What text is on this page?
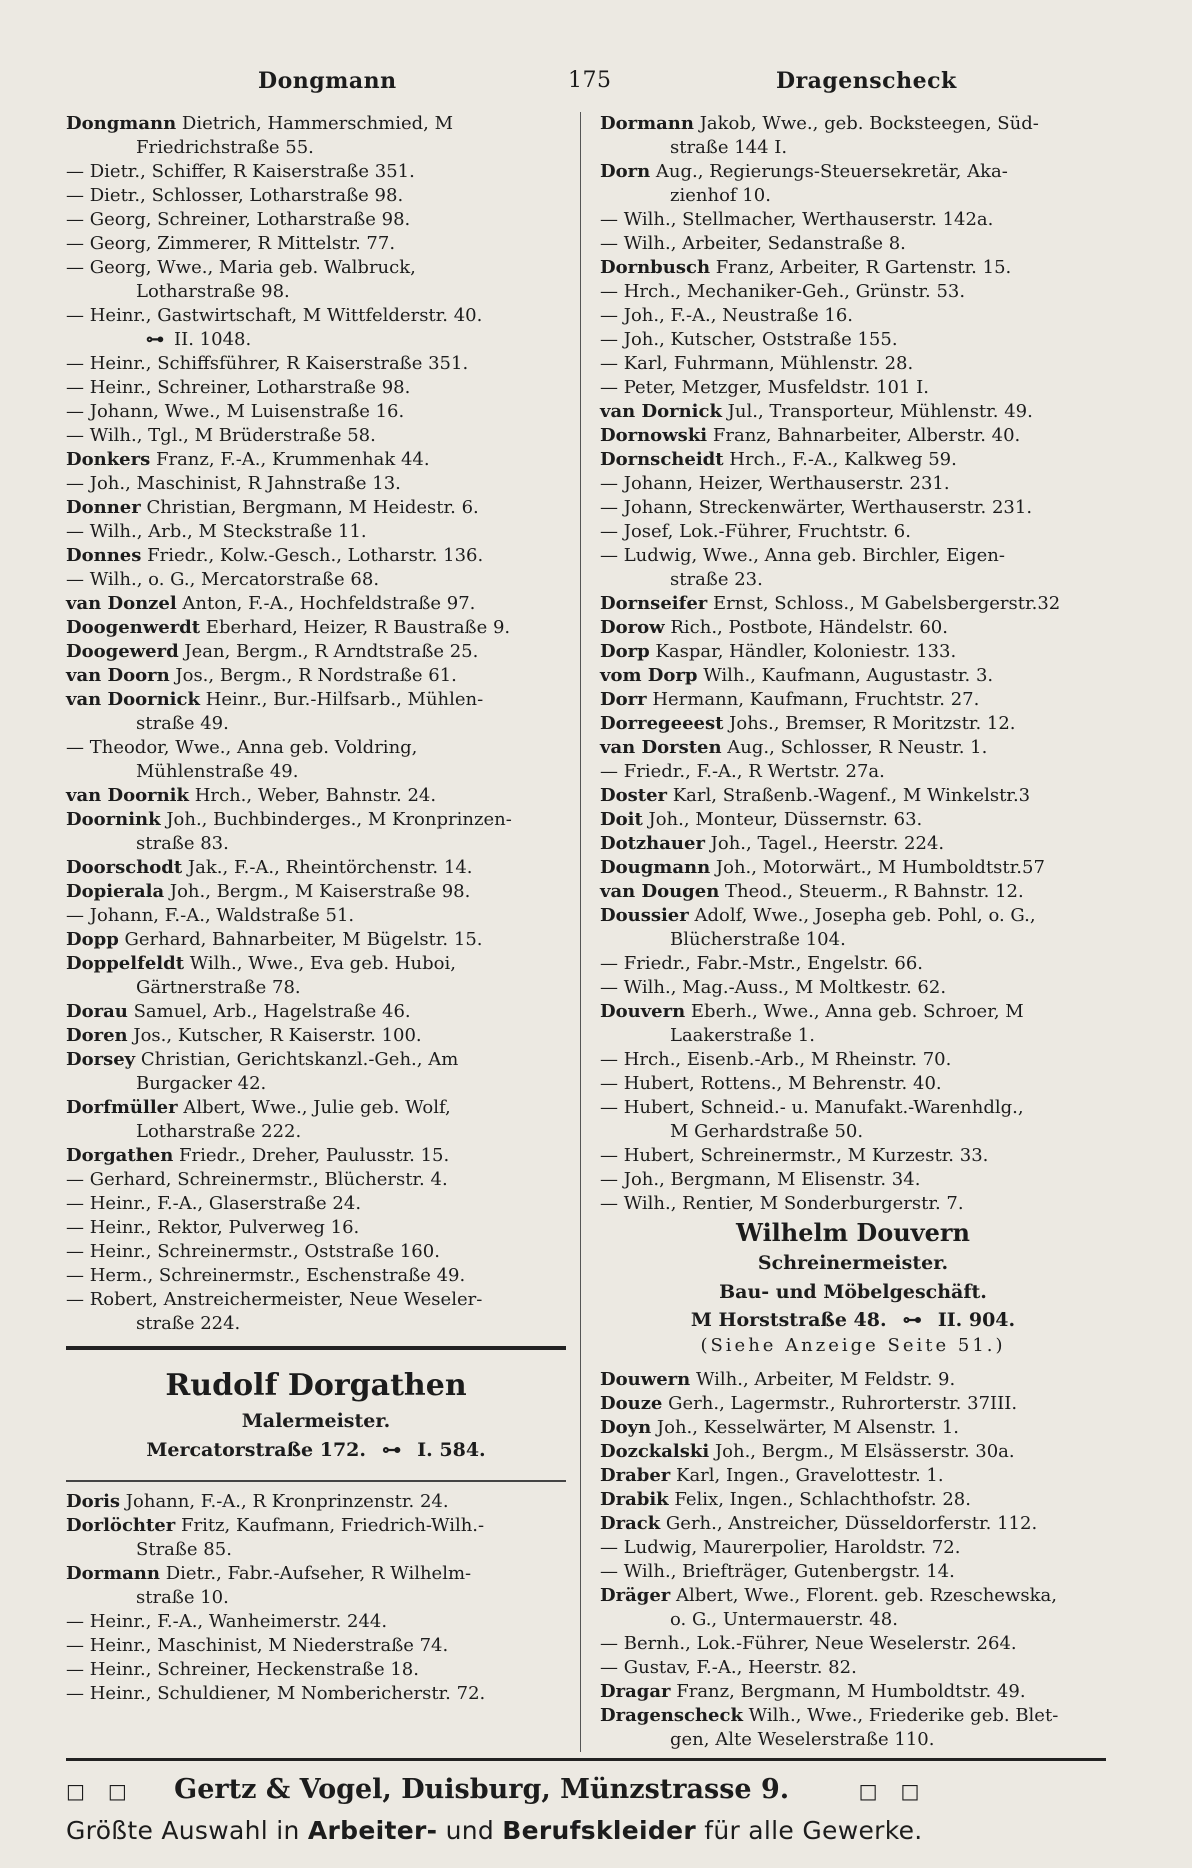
Dongmann	175	Dragenscheck
Dongmann Dietrich, Hammerschmied, M
Friedrichstraße 55.
— Dietr., Schiffer, R Kaiserstraße 351.
— Dietr., Schlosser, Lotharstraße 98.
— Georg, Schreiner, Lotharstraße 98.
— Georg, Zimmerer, R Mittelstr. 77.
— Georg, Wwe., Maria geb. Walbruck,
Lotharstraße 98.
— Heinr., Gastwirtschaft, M Wittfelderstr. 40.
⊶ II. 1048.
— Heinr., Schiffsführer, R Kaiserstraße 351.
— Heinr., Schreiner, Lotharstraße 98.
— Johann, Wwe., M Luisenstraße 16.
— Wilh., Tgl., M Brüderstraße 58.
Donkers Franz, F.-A., Krummenhak 44.
— Joh., Maschinist, R Jahnstraße 13.
Donner Christian, Bergmann, M Heidestr. 6.
— Wilh., Arb., M Steckstraße 11.
Donnes Friedr., Kolw.-Gesch., Lotharstr. 136.
— Wilh., o. G., Mercatorstraße 68.
van Donzel Anton, F.-A., Hochfeldstraße 97.
Doogenwerdt Eberhard, Heizer, R Baustraße 9.
Doogewerd Jean, Bergm., R Arndtstraße 25.
van Doorn Jos., Bergm., R Nordstraße 61.
van Doornick Heinr., Bur.-Hilfsarb., Mühlen-
straße 49.
— Theodor, Wwe., Anna geb. Voldring,
Mühlenstraße 49.
van Doornik Hrch., Weber, Bahnstr. 24.
Doornink Joh., Buchbinderges., M Kronprinzen-
straße 83.
Doorschodt Jak., F.-A., Rheintörchenstr. 14.
Dopierala Joh., Bergm., M Kaiserstraße 98.
— Johann, F.-A., Waldstraße 51.
Dopp Gerhard, Bahnarbeiter, M Bügelstr. 15.
Doppelfeldt Wilh., Wwe., Eva geb. Huboi,
Gärtnerstraße 78.
Dorau Samuel, Arb., Hagelstraße 46.
Doren Jos., Kutscher, R Kaiserstr. 100.
Dorsey Christian, Gerichtskanzl.-Geh., Am
Burgacker 42.
Dorfmüller Albert, Wwe., Julie geb. Wolf,
Lotharstraße 222.
Dorgathen Friedr., Dreher, Paulusstr. 15.
— Gerhard, Schreinermstr., Blücherstr. 4.
— Heinr., F.-A., Glaserstraße 24.
— Heinr., Rektor, Pulverweg 16.
— Heinr., Schreinermstr., Oststraße 160.
— Herm., Schreinermstr., Eschenstraße 49.
— Robert, Anstreichermeister, Neue Weseler-
straße 224.
Rudolf Dorgathen
Malermeister.
Mercatorstraße 172. ⊶ I. 584.
Doris Johann, F.-A., R Kronprinzenstr. 24.
Dorlöchter Fritz, Kaufmann, Friedrich-Wilh.-
Straße 85.
Dormann Dietr., Fabr.-Aufseher, R Wilhelm-
straße 10.
— Heinr., F.-A., Wanheimerstr. 244.
— Heinr., Maschinist, M Niederstraße 74.
— Heinr., Schreiner, Heckenstraße 18.
— Heinr., Schuldiener, M Nombericherstr. 72.
Dormann Jakob, Wwe., geb. Bocksteegen, Süd-
straße 144 I.
Dorn Aug., Regierungs-Steuersekretär, Aka-
zienhof 10.
— Wilh., Stellmacher, Werthauserstr. 142a.
— Wilh., Arbeiter, Sedanstraße 8.
Dornbusch Franz, Arbeiter, R Gartenstr. 15.
— Hrch., Mechaniker-Geh., Grünstr. 53.
— Joh., F.-A., Neustraße 16.
— Joh., Kutscher, Oststraße 155.
— Karl, Fuhrmann, Mühlenstr. 28.
— Peter, Metzger, Musfeldstr. 101 I.
van Dornick Jul., Transporteur, Mühlenstr. 49.
Dornowski Franz, Bahnarbeiter, Alberstr. 40.
Dornscheidt Hrch., F.-A., Kalkweg 59.
— Johann, Heizer, Werthauserstr. 231.
— Johann, Streckenwärter, Werthauserstr. 231.
— Josef, Lok.-Führer, Fruchtstr. 6.
— Ludwig, Wwe., Anna geb. Birchler, Eigen-
straße 23.
Dornseifer Ernst, Schloss., M Gabelsbergerstr.32
Dorow Rich., Postbote, Händelstr. 60.
Dorp Kaspar, Händler, Koloniestr. 133.
vom Dorp Wilh., Kaufmann, Augustastr. 3.
Dorr Hermann, Kaufmann, Fruchtstr. 27.
Dorregeeest Johs., Bremser, R Moritzstr. 12.
van Dorsten Aug., Schlosser, R Neustr. 1.
— Friedr., F.-A., R Wertstr. 27a.
Doster Karl, Straßenb.-Wagenf., M Winkelstr.3
Doit Joh., Monteur, Düssernstr. 63.
Dotzhauer Joh., Tagel., Heerstr. 224.
Dougmann Joh., Motorwärt., M Humboldtstr.57
van Dougen Theod., Steuerm., R Bahnstr. 12.
Doussier Adolf, Wwe., Josepha geb. Pohl, o. G.,
Blücherstraße 104.
— Friedr., Fabr.-Mstr., Engelstr. 66.
— Wilh., Mag.-Auss., M Moltkestr. 62.
Douvern Eberh., Wwe., Anna geb. Schroer, M
Laakerstraße 1.
— Hrch., Eisenb.-Arb., M Rheinstr. 70.
— Hubert, Rottens., M Behrenstr. 40.
— Hubert, Schneid.- u. Manufakt.-Warenhdlg.,
M Gerhardstraße 50.
— Hubert, Schreinermstr., M Kurzestr. 33.
— Joh., Bergmann, M Elisenstr. 34.
— Wilh., Rentier, M Sonderburgerstr. 7.
Wilhelm Douvern
Schreinermeister.
Bau- und Möbelgeschäft.
M Horststraße 48. ⊶ II. 904.
(Siehe Anzeige Seite 51.)
Douwern Wilh., Arbeiter, M Feldstr. 9.
Douze Gerh., Lagermstr., Ruhrorterstr. 37III.
Doyn Joh., Kesselwärter, M Alsenstr. 1.
Dozckalski Joh., Bergm., M Elsässerstr. 30a.
Draber Karl, Ingen., Gravelottestr. 1.
Drabik Felix, Ingen., Schlachthofstr. 28.
Drack Gerh., Anstreicher, Düsseldorferstr. 112.
— Ludwig, Maurerpolier, Haroldstr. 72.
— Wilh., Briefträger, Gutenbergstr. 14.
Dräger Albert, Wwe., Florent. geb. Rzeschewska,
o. G., Untermauerstr. 48.
— Bernh., Lok.-Führer, Neue Weselerstr. 264.
— Gustav, F.-A., Heerstr. 82.
Dragar Franz, Bergmann, M Humboldtstr. 49.
Dragenscheck Wilh., Wwe., Friederike geb. Blet-
gen, Alte Weselerstraße 110.
□ □ Gertz & Vogel, Duisburg, Münzstrasse 9.	□ □
Größte Auswahl in Arbeiter- und Berufskleider für alle Gewerke.
